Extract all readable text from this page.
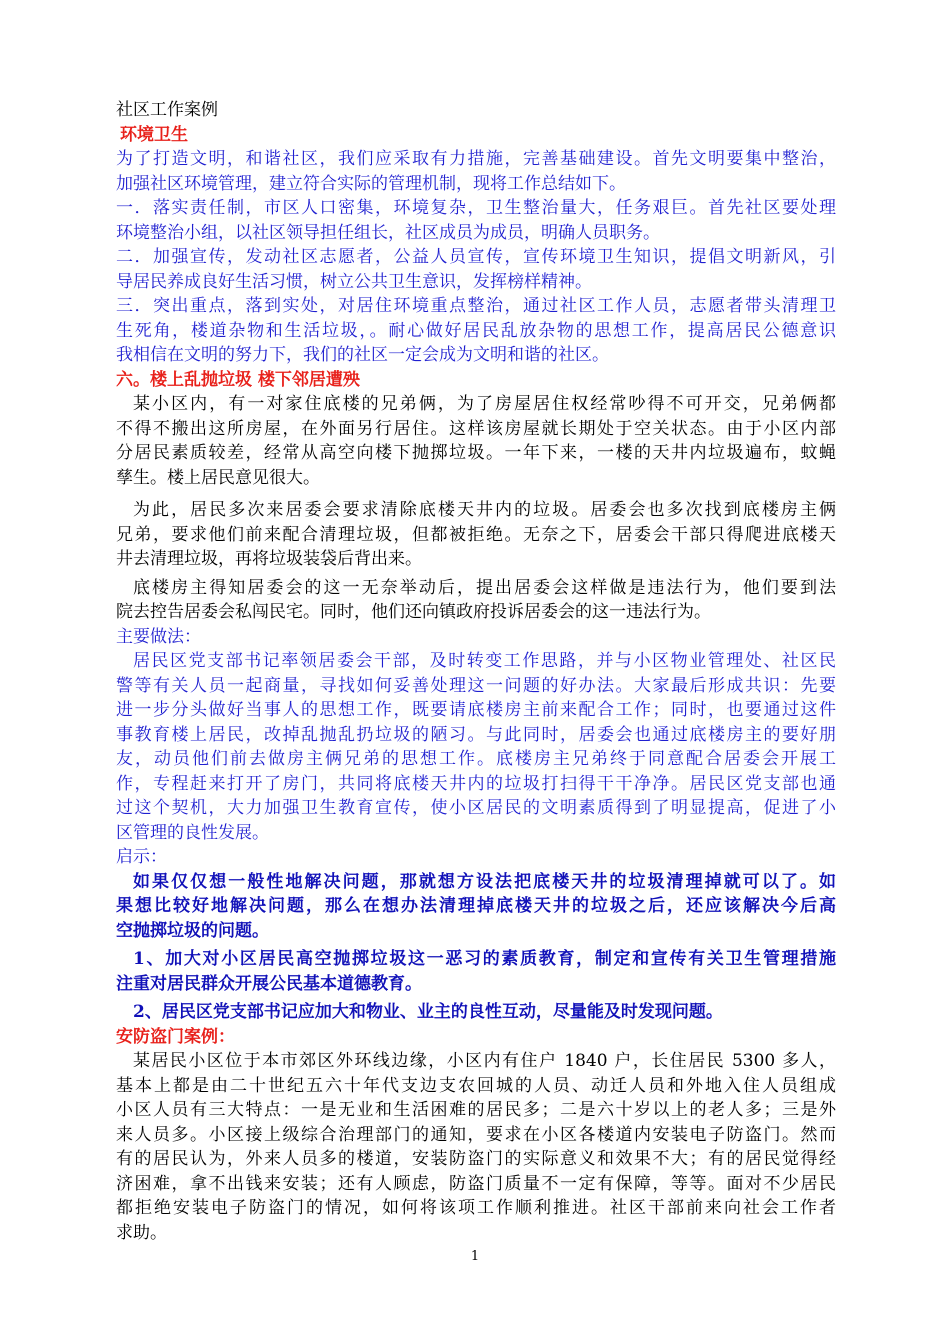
社区工作案例
环境卫生
为了打造文明，和谐社区，我们应采取有力措施，完善基础建设。首先文明要集中整治，
加强社区环境管理，建立符合实际的管理机制，现将工作总结如下。
一．落实责任制，市区人口密集，环境复杂，卫生整治量大，任务艰巨。首先社区要处理
环境整治小组，以社区领导担任组长，社区成员为成员，明确人员职务。
二．加强宣传，发动社区志愿者，公益人员宣传，宣传环境卫生知识，提倡文明新风，引
导居民养成良好生活习惯，树立公共卫生意识，发挥榜样精神。
三．突出重点，落到实处，对居住环境重点整治，通过社区工作人员，志愿者带头清理卫
生死角，楼道杂物和生活垃圾，。耐心做好居民乱放杂物的思想工作，提高居民公德意识
我相信在文明的努力下，我们的社区一定会成为文明和谐的社区。
六。楼上乱抛垃圾 楼下邻居遭殃
某小区内，有一对家住底楼的兄弟俩，为了房屋居住权经常吵得不可开交，兄弟俩都
不得不搬出这所房屋，在外面另行居住。这样该房屋就长期处于空关状态。由于小区内部
分居民素质较差，经常从高空向楼下抛掷垃圾。一年下来，一楼的天井内垃圾遍布，蚊蝇
孳生。楼上居民意见很大。
为此，居民多次来居委会要求清除底楼天井内的垃圾。居委会也多次找到底楼房主俩
兄弟，要求他们前来配合清理垃圾，但都被拒绝。无奈之下，居委会干部只得爬进底楼天
井去清理垃圾，再将垃圾装袋后背出来。
底楼房主得知居委会的这一无奈举动后，提出居委会这样做是违法行为，他们要到法
院去控告居委会私闯民宅。同时，他们还向镇政府投诉居委会的这一违法行为。
主要做法：
居民区党支部书记率领居委会干部，及时转变工作思路，并与小区物业管理处、社区民
警等有关人员一起商量，寻找如何妥善处理这一问题的好办法。大家最后形成共识：先要
进一步分头做好当事人的思想工作，既要请底楼房主前来配合工作；同时，也要通过这件
事教育楼上居民，改掉乱抛乱扔垃圾的陋习。与此同时，居委会也通过底楼房主的要好朋
友，动员他们前去做房主俩兄弟的思想工作。底楼房主兄弟终于同意配合居委会开展工
作，专程赶来打开了房门，共同将底楼天井内的垃圾打扫得干干净净。居民区党支部也通
过这个契机，大力加强卫生教育宣传，使小区居民的文明素质得到了明显提高，促进了小
区管理的良性发展。
启示：
如果仅仅想一般性地解决问题，那就想方设法把底楼天井的垃圾清理掉就可以了。如
果想比较好地解决问题，那么在想办法清理掉底楼天井的垃圾之后，还应该解决今后高
空抛掷垃圾的问题。
1、加大对小区居民高空抛掷垃圾这一恶习的素质教育，制定和宣传有关卫生管理措施
注重对居民群众开展公民基本道德教育。
2、居民区党支部书记应加大和物业、业主的良性互动，尽量能及时发现问题。
安防盗门案例：
某居民小区位于本市郊区外环线边缘，小区内有住户 1840 户，长住居民 5300 多人，
基本上都是由二十世纪五六十年代支边支农回城的人员、动迁人员和外地入住人员组成
小区人员有三大特点：一是无业和生活困难的居民多；二是六十岁以上的老人多；三是外
来人员多。小区接上级综合治理部门的通知，要求在小区各楼道内安装电子防盗门。然而
有的居民认为，外来人员多的楼道，安装防盗门的实际意义和效果不大；有的居民觉得经
济困难，拿不出钱来安装；还有人顾虑，防盗门质量不一定有保障，等等。面对不少居民
都拒绝安装电子防盗门的情况，如何将该项工作顺利推进。社区干部前来向社会工作者
求助。
1
